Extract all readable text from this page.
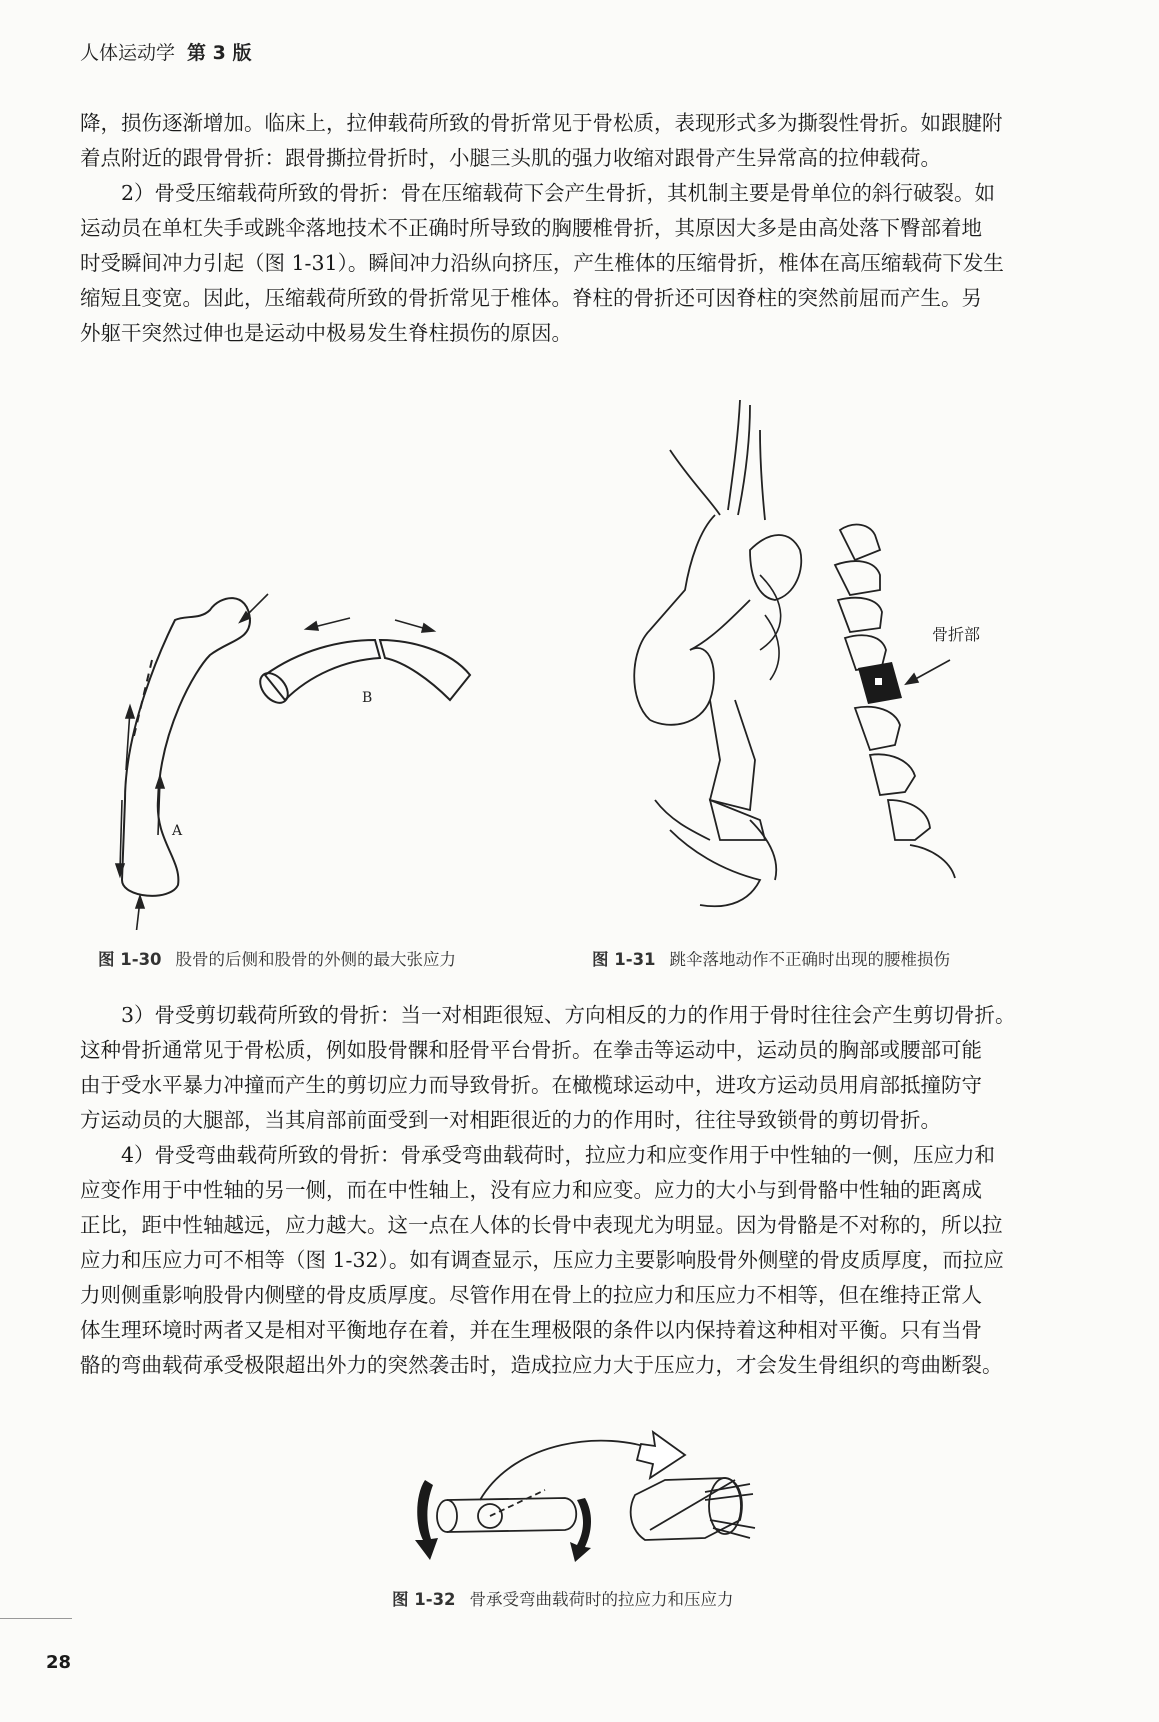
人体运动学 第 3 版
降，损伤逐渐增加。临床上，拉伸载荷所致的骨折常见于骨松质，表现形式多为撕裂性骨折。如跟腱附
着点附近的跟骨骨折：跟骨撕拉骨折时，小腿三头肌的强力收缩对跟骨产生异常高的拉伸载荷。
2）骨受压缩载荷所致的骨折：骨在压缩载荷下会产生骨折，其机制主要是骨单位的斜行破裂。如
运动员在单杠失手或跳伞落地技术不正确时所导致的胸腰椎骨折，其原因大多是由高处落下臀部着地
时受瞬间冲力引起（图 1-31）。瞬间冲力沿纵向挤压，产生椎体的压缩骨折，椎体在高压缩载荷下发生
缩短且变宽。因此，压缩载荷所致的骨折常见于椎体。脊柱的骨折还可因脊柱的突然前屈而产生。另
外躯干突然过伸也是运动中极易发生脊柱损伤的原因。
A
B
图 1-30 股骨的后侧和股骨的外侧的最大张应力
骨折部
图 1-31 跳伞落地动作不正确时出现的腰椎损伤
3）骨受剪切载荷所致的骨折：当一对相距很短、方向相反的力的作用于骨时往往会产生剪切骨折。
这种骨折通常见于骨松质，例如股骨髁和胫骨平台骨折。在拳击等运动中，运动员的胸部或腰部可能
由于受水平暴力冲撞而产生的剪切应力而导致骨折。在橄榄球运动中，进攻方运动员用肩部抵撞防守
方运动员的大腿部，当其肩部前面受到一对相距很近的力的作用时，往往导致锁骨的剪切骨折。
4）骨受弯曲载荷所致的骨折：骨承受弯曲载荷时，拉应力和应变作用于中性轴的一侧，压应力和
应变作用于中性轴的另一侧，而在中性轴上，没有应力和应变。应力的大小与到骨骼中性轴的距离成
正比，距中性轴越远，应力越大。这一点在人体的长骨中表现尤为明显。因为骨骼是不对称的，所以拉
应力和压应力可不相等（图 1-32）。如有调查显示，压应力主要影响股骨外侧壁的骨皮质厚度，而拉应
力则侧重影响股骨内侧壁的骨皮质厚度。尽管作用在骨上的拉应力和压应力不相等，但在维持正常人
体生理环境时两者又是相对平衡地存在着，并在生理极限的条件以内保持着这种相对平衡。只有当骨
骼的弯曲载荷承受极限超出外力的突然袭击时，造成拉应力大于压应力，才会发生骨组织的弯曲断裂。
图 1-32 骨承受弯曲载荷时的拉应力和压应力
28
